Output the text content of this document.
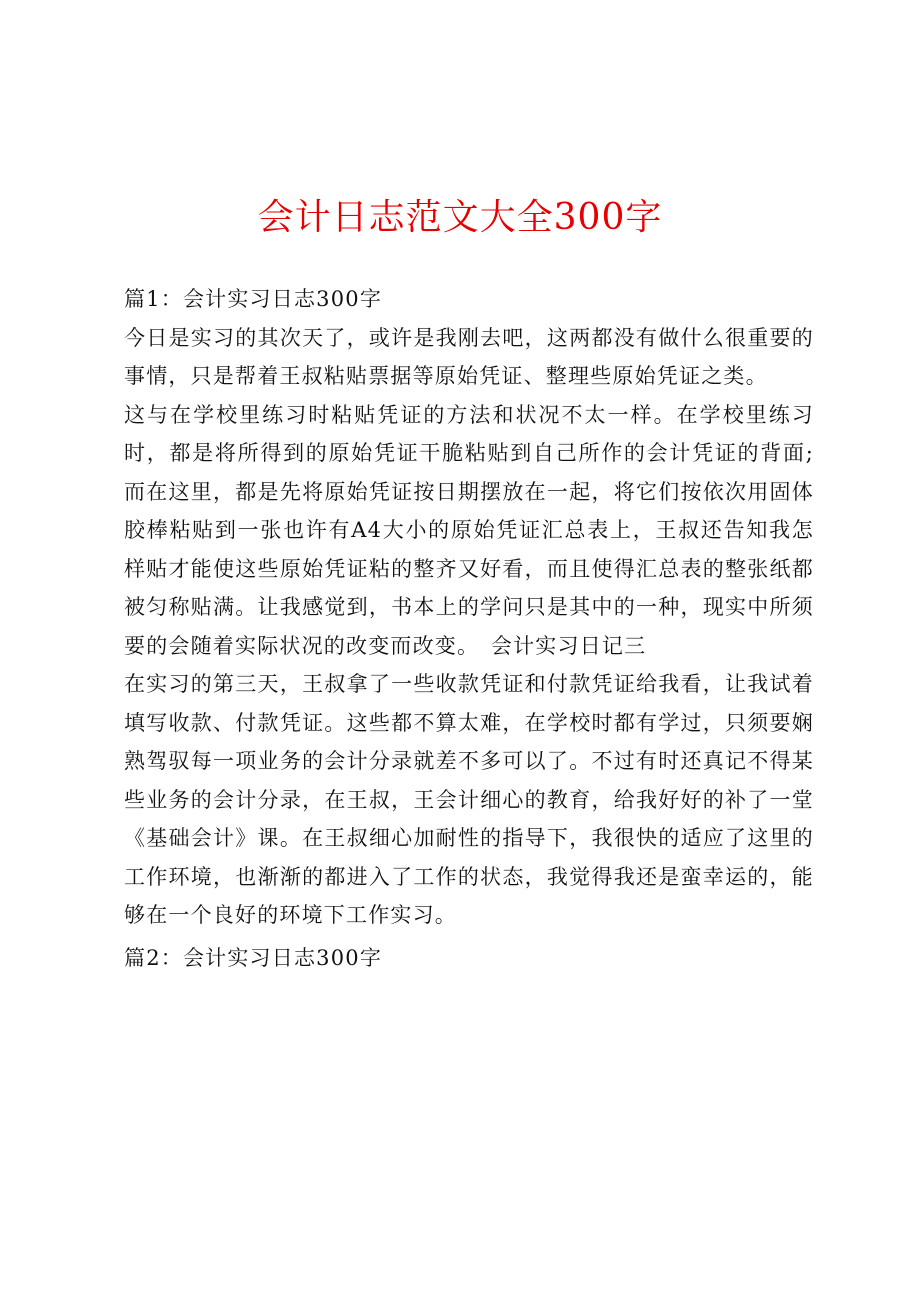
会计日志范文大全300字

篇1：会计实习日志300字

今日是实习的其次天了，或许是我刚去吧，这两都没有做什么很重要的事情，只是帮着王叔粘贴票据等原始凭证、整理些原始凭证之类。

这与在学校里练习时粘贴凭证的方法和状况不太一样。在学校里练习时，都是将所得到的原始凭证干脆粘贴到自己所作的会计凭证的背面;而在这里，都是先将原始凭证按日期摆放在一起，将它们按依次用固体胶棒粘贴到一张也许有A4大小的原始凭证汇总表上，王叔还告知我怎样贴才能使这些原始凭证粘的整齐又好看，而且使得汇总表的整张纸都被匀称贴满。让我感觉到，书本上的学问只是其中的一种，现实中所须要的会随着实际状况的改变而改变。　会计实习日记三

在实习的第三天，王叔拿了一些收款凭证和付款凭证给我看，让我试着填写收款、付款凭证。这些都不算太难，在学校时都有学过，只须要娴熟驾驭每一项业务的会计分录就差不多可以了。不过有时还真记不得某些业务的会计分录，在王叔，王会计细心的教育，给我好好的补了一堂《基础会计》课。在王叔细心加耐性的指导下，我很快的适应了这里的工作环境，也渐渐的都进入了工作的状态，我觉得我还是蛮幸运的，能够在一个良好的环境下工作实习。

篇2：会计实习日志300字
